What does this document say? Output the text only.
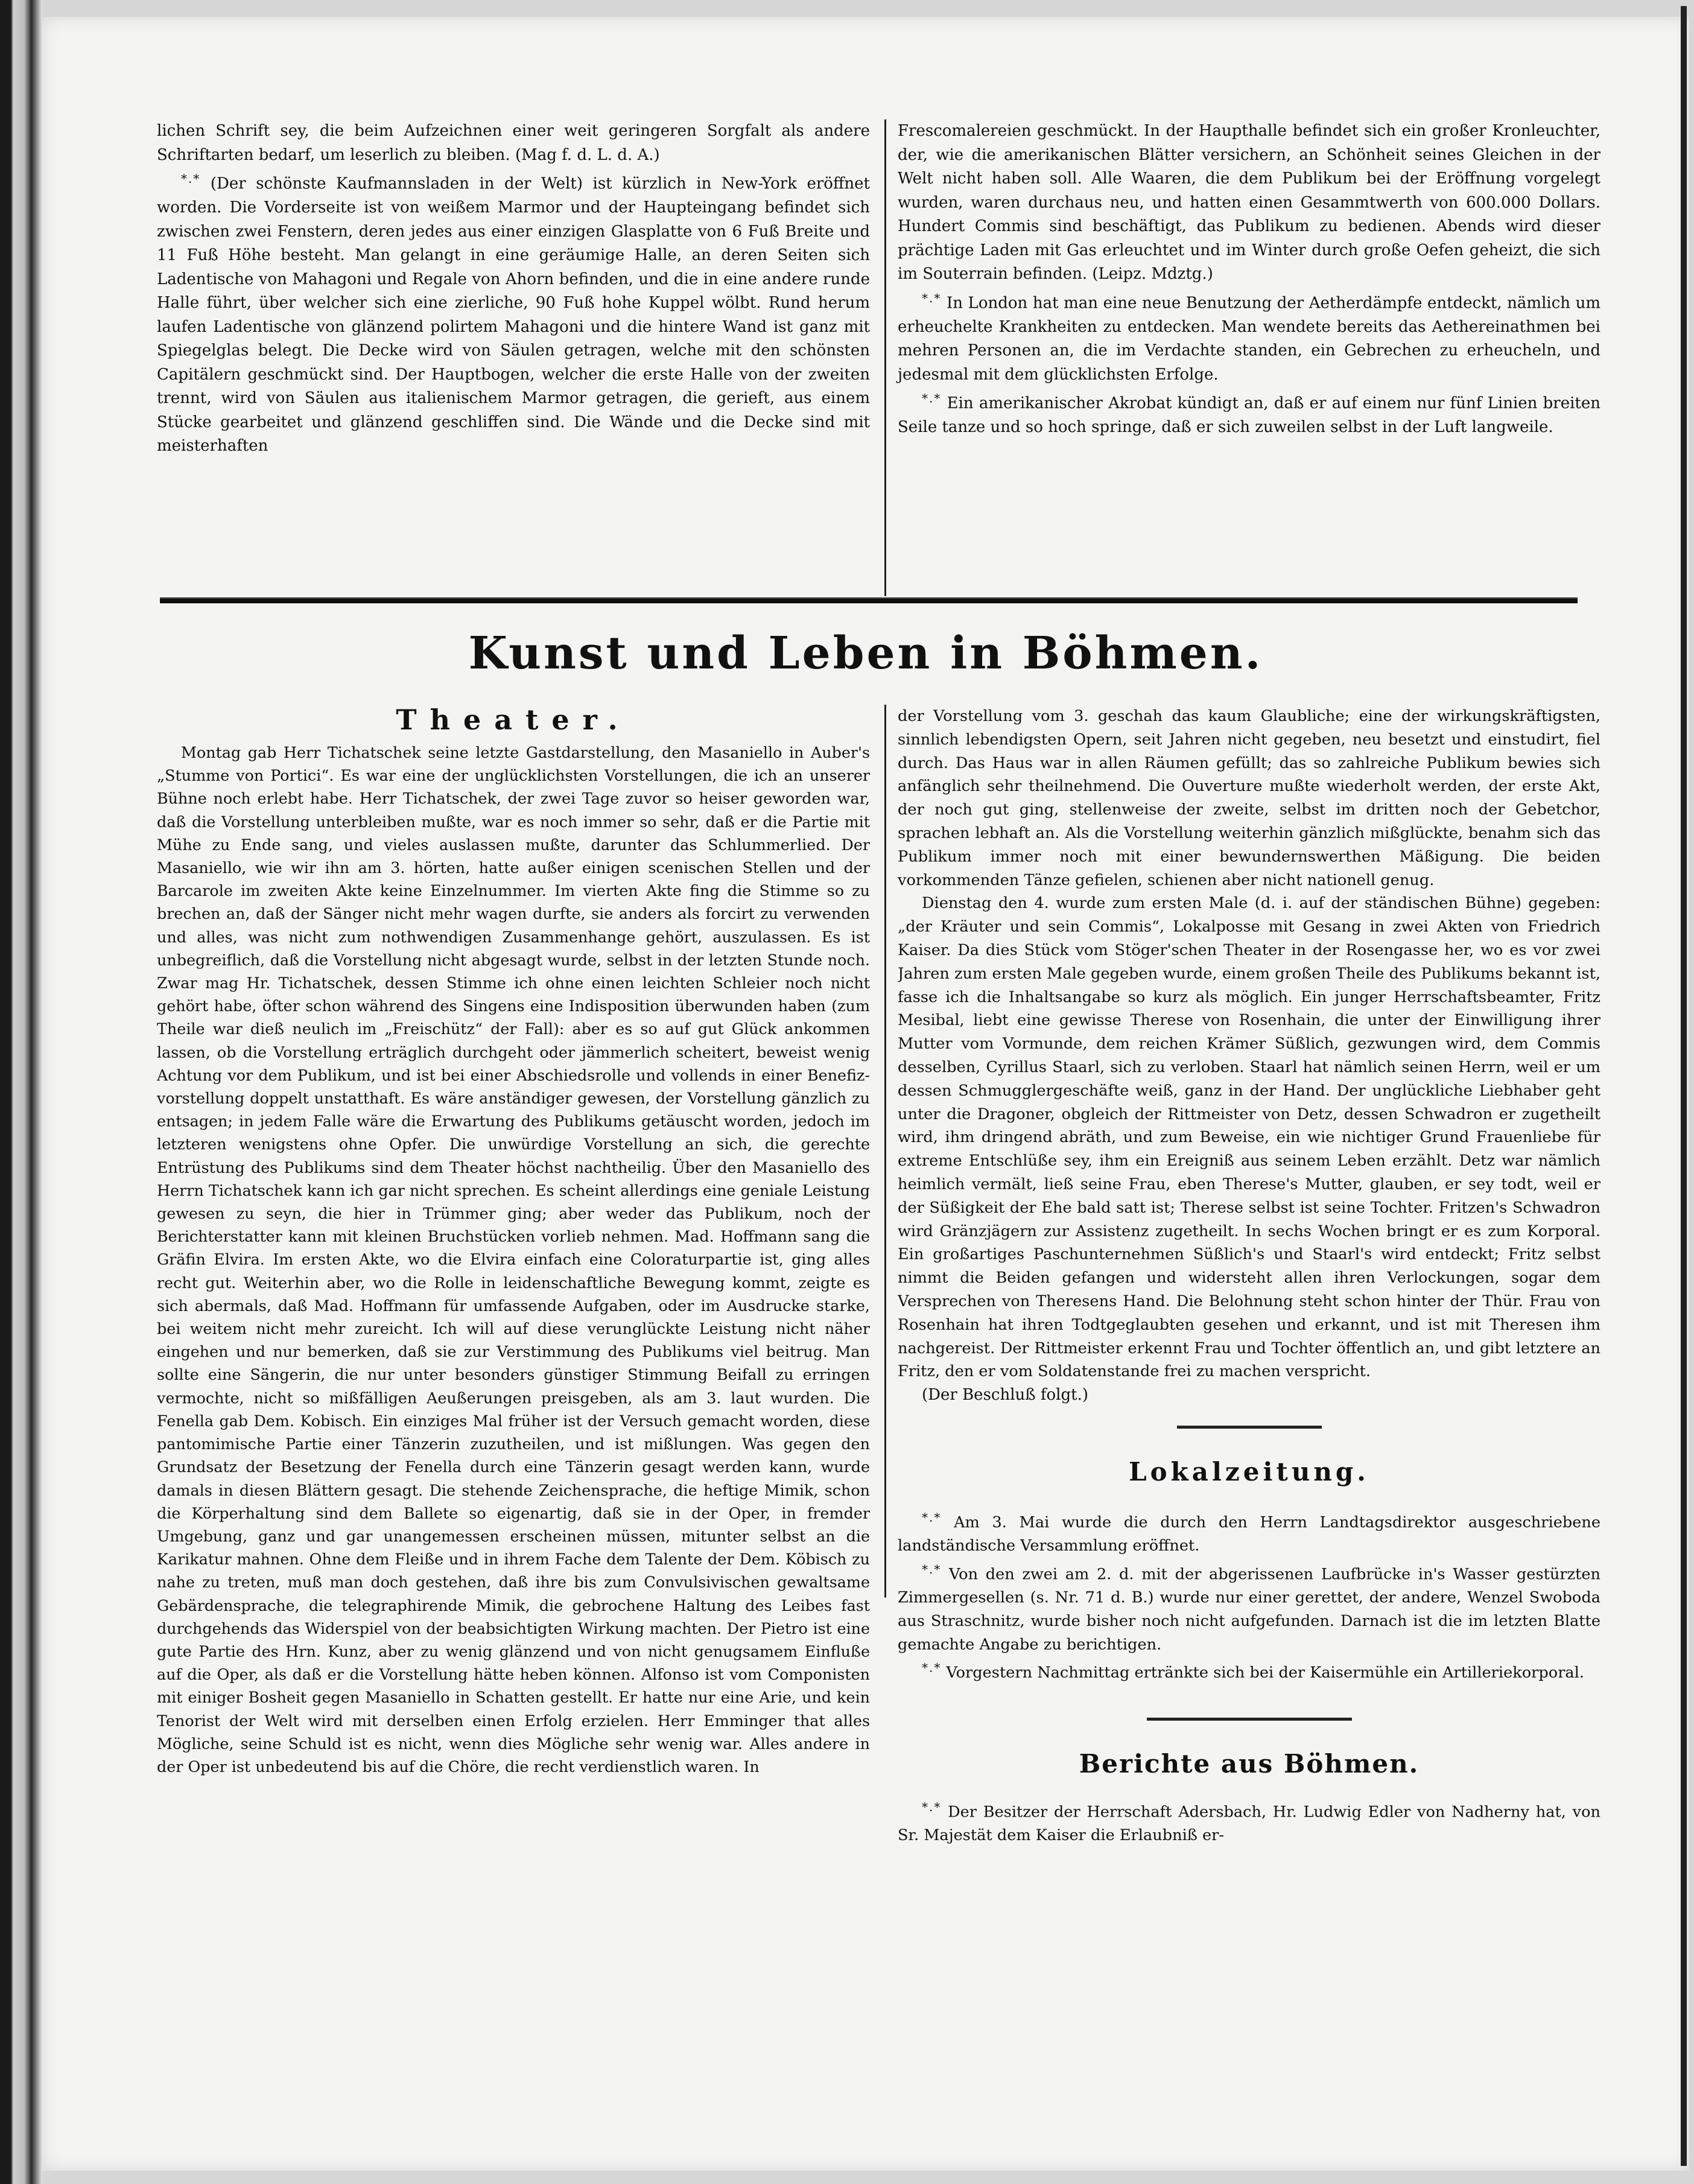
lichen Schrift sey, die beim Aufzeichnen einer weit geringeren Sorgfalt als andere Schriftarten bedarf, um leserlich zu bleiben. (Mag f. d. L. d. A.)

*.* (Der schönste Kaufmannsladen in der Welt) ist kürzlich in New-York eröffnet worden. Die Vorderseite ist von weißem Marmor und der Haupteingang befindet sich zwischen zwei Fenstern, deren jedes aus einer einzigen Glasplatte von 6 Fuß Breite und 11 Fuß Höhe besteht. Man gelangt in eine geräumige Halle, an deren Seiten sich Ladentische von Mahagoni und Regale von Ahorn befinden, und die in eine andere runde Halle führt, über welcher sich eine zierliche, 90 Fuß hohe Kuppel wölbt. Rund herum laufen Ladentische von glänzend polirtem Mahagoni und die hintere Wand ist ganz mit Spiegelglas belegt. Die Decke wird von Säulen getragen, welche mit den schönsten Capitälern geschmückt sind. Der Hauptbogen, welcher die erste Halle von der zweiten trennt, wird von Säulen aus italienischem Marmor getragen, die gerieft, aus einem Stücke gearbeitet und glänzend geschliffen sind. Die Wände und die Decke sind mit meisterhaften

Frescomalereien geschmückt. In der Haupthalle befindet sich ein großer Kronleuchter, der, wie die amerikanischen Blätter versichern, an Schönheit seines Gleichen in der Welt nicht haben soll. Alle Waaren, die dem Publikum bei der Eröffnung vorgelegt wurden, waren durchaus neu, und hatten einen Gesammtwerth von 600.000 Dollars. Hundert Commis sind beschäftigt, das Publikum zu bedienen. Abends wird dieser prächtige Laden mit Gas erleuchtet und im Winter durch große Oefen geheizt, die sich im Souterrain befinden. (Leipz. Mdztg.)

*.* In London hat man eine neue Benutzung der Aetherdämpfe entdeckt, nämlich um erheuchelte Krankheiten zu entdecken. Man wendete bereits das Aethereinathmen bei mehren Personen an, die im Verdachte standen, ein Gebrechen zu erheucheln, und jedesmal mit dem glücklichsten Erfolge.

*.* Ein amerikanischer Akrobat kündigt an, daß er auf einem nur fünf Linien breiten Seile tanze und so hoch springe, daß er sich zuweilen selbst in der Luft langweile.

Kunst und Leben in Böhmen.
Theater.

Montag gab Herr Tichatschek seine letzte Gastdarstellung, den Masaniello in Auber's „Stumme von Portici“. Es war eine der unglücklichsten Vorstellungen, die ich an unserer Bühne noch erlebt habe. Herr Tichatschek, der zwei Tage zuvor so heiser geworden war, daß die Vorstellung unterbleiben mußte, war es noch immer so sehr, daß er die Partie mit Mühe zu Ende sang, und vieles auslassen mußte, darunter das Schlummerlied. Der Masaniello, wie wir ihn am 3. hörten, hatte außer einigen scenischen Stellen und der Barcarole im zweiten Akte keine Einzelnummer. Im vierten Akte fing die Stimme so zu brechen an, daß der Sänger nicht mehr wagen durfte, sie anders als forcirt zu verwenden und alles, was nicht zum nothwendigen Zusammenhange gehört, auszulassen. Es ist unbegreiflich, daß die Vorstellung nicht abgesagt wurde, selbst in der letzten Stunde noch. Zwar mag Hr. Tichatschek, dessen Stimme ich ohne einen leichten Schleier noch nicht gehört habe, öfter schon während des Singens eine Indisposition überwunden haben (zum Theile war dieß neulich im „Freischütz“ der Fall): aber es so auf gut Glück ankommen lassen, ob die Vorstellung erträglich durchgeht oder jämmerlich scheitert, beweist wenig Achtung vor dem Publikum, und ist bei einer Abschiedsrolle und vollends in einer Benefizvorstellung doppelt unstatthaft. Es wäre anständiger gewesen, der Vorstellung gänzlich zu entsagen; in jedem Falle wäre die Erwartung des Publikums getäuscht worden, jedoch im letzteren wenigstens ohne Opfer. Die unwürdige Vorstellung an sich, die gerechte Entrüstung des Publikums sind dem Theater höchst nachtheilig. Über den Masaniello des Herrn Tichatschek kann ich gar nicht sprechen. Es scheint allerdings eine geniale Leistung gewesen zu seyn, die hier in Trümmer ging; aber weder das Publikum, noch der Berichterstatter kann mit kleinen Bruchstücken vorlieb nehmen. Mad. Hoffmann sang die Gräfin Elvira. Im ersten Akte, wo die Elvira einfach eine Coloraturpartie ist, ging alles recht gut. Weiterhin aber, wo die Rolle in leidenschaftliche Bewegung kommt, zeigte es sich abermals, daß Mad. Hoffmann für umfassende Aufgaben, oder im Ausdrucke starke, bei weitem nicht mehr zureicht. Ich will auf diese verunglückte Leistung nicht näher eingehen und nur bemerken, daß sie zur Verstimmung des Publikums viel beitrug. Man sollte eine Sängerin, die nur unter besonders günstiger Stimmung Beifall zu erringen vermochte, nicht so mißfälligen Aeußerungen preisgeben, als am 3. laut wurden. Die Fenella gab Dem. Kobisch. Ein einziges Mal früher ist der Versuch gemacht worden, diese pantomimische Partie einer Tänzerin zuzutheilen, und ist mißlungen. Was gegen den Grundsatz der Besetzung der Fenella durch eine Tänzerin gesagt werden kann, wurde damals in diesen Blättern gesagt. Die stehende Zeichensprache, die heftige Mimik, schon die Körperhaltung sind dem Ballete so eigenartig, daß sie in der Oper, in fremder Umgebung, ganz und gar unangemessen erscheinen müssen, mitunter selbst an die Karikatur mahnen. Ohne dem Fleiße und in ihrem Fache dem Talente der Dem. Köbisch zu nahe zu treten, muß man doch gestehen, daß ihre bis zum Convulsivischen gewaltsame Gebärdensprache, die telegraphirende Mimik, die gebrochene Haltung des Leibes fast durchgehends das Widerspiel von der beabsichtigten Wirkung machten. Der Pietro ist eine gute Partie des Hrn. Kunz, aber zu wenig glänzend und von nicht genugsamem Einfluße auf die Oper, als daß er die Vorstellung hätte heben können. Alfonso ist vom Componisten mit einiger Bosheit gegen Masaniello in Schatten gestellt. Er hatte nur eine Arie, und kein Tenorist der Welt wird mit derselben einen Erfolg erzielen. Herr Emminger that alles Mögliche, seine Schuld ist es nicht, wenn dies Mögliche sehr wenig war. Alles andere in der Oper ist unbedeutend bis auf die Chöre, die recht verdienstlich waren. In

der Vorstellung vom 3. geschah das kaum Glaubliche; eine der wirkungskräftigsten, sinnlich lebendigsten Opern, seit Jahren nicht gegeben, neu besetzt und einstudirt, fiel durch. Das Haus war in allen Räumen gefüllt; das so zahlreiche Publikum bewies sich anfänglich sehr theilnehmend. Die Ouverture mußte wiederholt werden, der erste Akt, der noch gut ging, stellenweise der zweite, selbst im dritten noch der Gebetchor, sprachen lebhaft an. Als die Vorstellung weiterhin gänzlich mißglückte, benahm sich das Publikum immer noch mit einer bewundernswerthen Mäßigung. Die beiden vorkommenden Tänze gefielen, schienen aber nicht nationell genug.

Dienstag den 4. wurde zum ersten Male (d. i. auf der ständischen Bühne) gegeben: „der Kräuter und sein Commis“, Lokalposse mit Gesang in zwei Akten von Friedrich Kaiser. Da dies Stück vom Stöger'schen Theater in der Rosengasse her, wo es vor zwei Jahren zum ersten Male gegeben wurde, einem großen Theile des Publikums bekannt ist, fasse ich die Inhaltsangabe so kurz als möglich. Ein junger Herrschaftsbeamter, Fritz Mesibal, liebt eine gewisse Therese von Rosenhain, die unter der Einwilligung ihrer Mutter vom Vormunde, dem reichen Krämer Süßlich, gezwungen wird, dem Commis desselben, Cyrillus Staarl, sich zu verloben. Staarl hat nämlich seinen Herrn, weil er um dessen Schmugglergeschäfte weiß, ganz in der Hand. Der unglückliche Liebhaber geht unter die Dragoner, obgleich der Rittmeister von Detz, dessen Schwadron er zugetheilt wird, ihm dringend abräth, und zum Beweise, ein wie nichtiger Grund Frauenliebe für extreme Entschlüße sey, ihm ein Ereigniß aus seinem Leben erzählt. Detz war nämlich heimlich vermält, ließ seine Frau, eben Therese's Mutter, glauben, er sey todt, weil er der Süßigkeit der Ehe bald satt ist; Therese selbst ist seine Tochter. Fritzen's Schwadron wird Gränzjägern zur Assistenz zugetheilt. In sechs Wochen bringt er es zum Korporal. Ein großartiges Paschunternehmen Süßlich's und Staarl's wird entdeckt; Fritz selbst nimmt die Beiden gefangen und widersteht allen ihren Verlockungen, sogar dem Versprechen von Theresens Hand. Die Belohnung steht schon hinter der Thür. Frau von Rosenhain hat ihren Todtgeglaubten gesehen und erkannt, und ist mit Theresen ihm nachgereist. Der Rittmeister erkennt Frau und Tochter öffentlich an, und gibt letztere an Fritz, den er vom Soldatenstande frei zu machen verspricht.

(Der Beschluß folgt.)

Lokalzeitung.

*.* Am 3. Mai wurde die durch den Herrn Landtagsdirektor ausgeschriebene landständische Versammlung eröffnet.

*.* Von den zwei am 2. d. mit der abgerissenen Laufbrücke in's Wasser gestürzten Zimmergesellen (s. Nr. 71 d. B.) wurde nur einer gerettet, der andere, Wenzel Swoboda aus Straschnitz, wurde bisher noch nicht aufgefunden. Darnach ist die im letzten Blatte gemachte Angabe zu berichtigen.

*.* Vorgestern Nachmittag ertränkte sich bei der Kaisermühle ein Artilleriekorporal.

Berichte aus Böhmen.

*.* Der Besitzer der Herrschaft Adersbach, Hr. Ludwig Edler von Nadherny hat, von Sr. Majestät dem Kaiser die Erlaubniß er-
